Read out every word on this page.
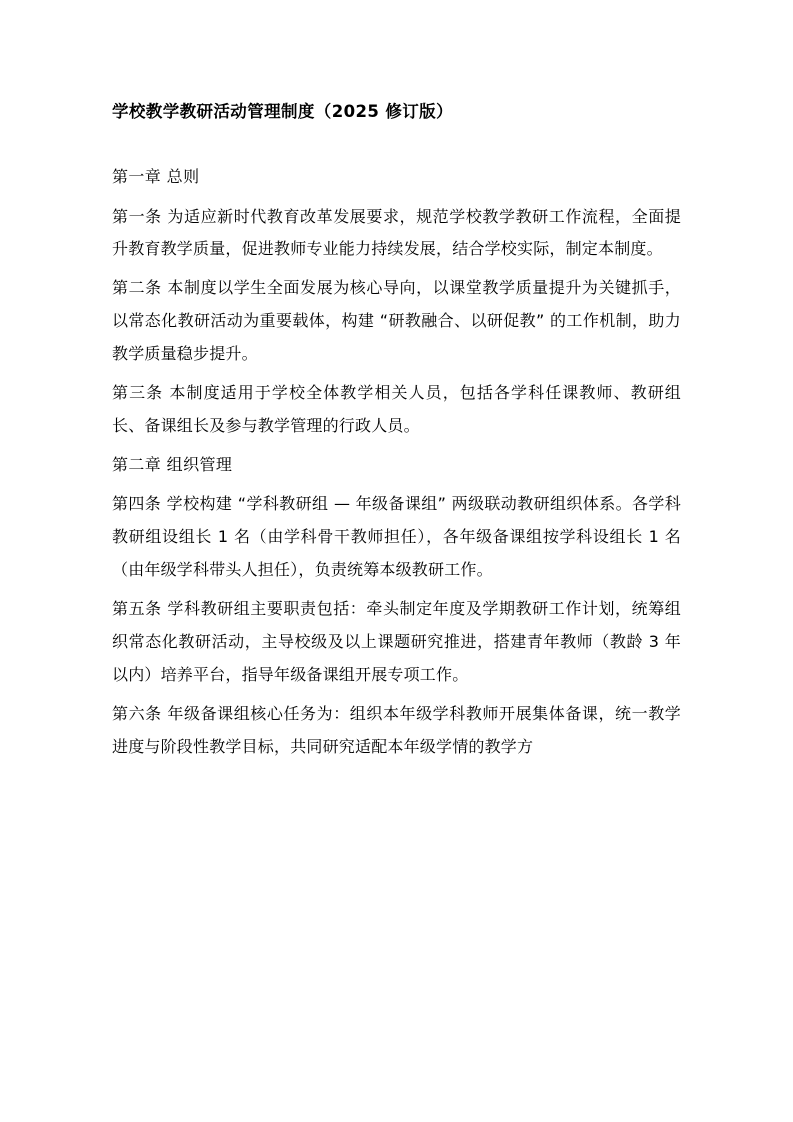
学校教学教研活动管理制度（2025 修订版）
第一章 总则

第一条 为适应新时代教育改革发展要求，规范学校教学教研工作流程，全面提升教育教学质量，促进教师专业能力持续发展，结合学校实际，制定本制度。

第二条 本制度以学生全面发展为核心导向，以课堂教学质量提升为关键抓手，以常态化教研活动为重要载体，构建 “研教融合、以研促教” 的工作机制，助力教学质量稳步提升。

第三条 本制度适用于学校全体教学相关人员，包括各学科任课教师、教研组长、备课组长及参与教学管理的行政人员。

第二章 组织管理

第四条 学校构建 “学科教研组 — 年级备课组” 两级联动教研组织体系。各学科教研组设组长 1 名（由学科骨干教师担任），各年级备课组按学科设组长 1 名（由年级学科带头人担任），负责统筹本级教研工作。

第五条 学科教研组主要职责包括：牵头制定年度及学期教研工作计划，统筹组织常态化教研活动，主导校级及以上课题研究推进，搭建青年教师（教龄 3 年以内）培养平台，指导年级备课组开展专项工作。

第六条 年级备课组核心任务为：组织本年级学科教师开展集体备课，统一教学进度与阶段性教学目标，共同研究适配本年级学情的教学方
